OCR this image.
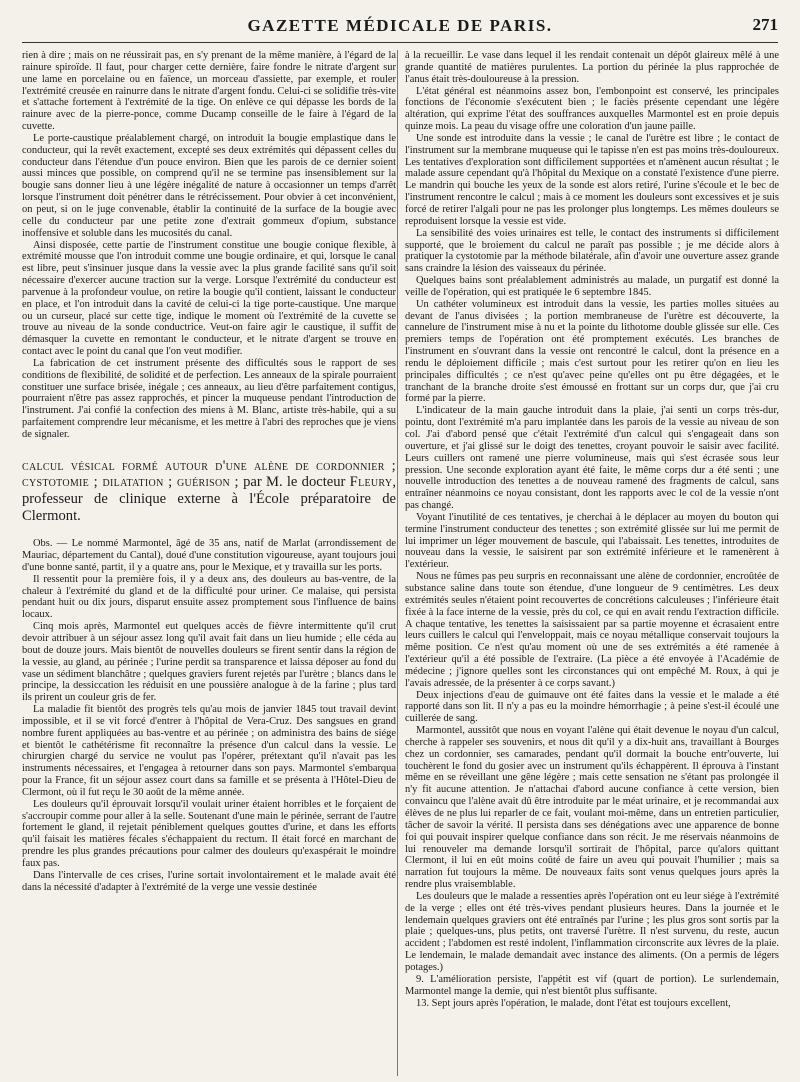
GAZETTE MÉDICALE DE PARIS.	271

rien à dire ; mais on ne réussirait pas, en s'y prenant de la même manière, à l'égard de la rainure spiroïde. Il faut, pour charger cette dernière, faire fondre le nitrate d'argent sur une lame en porcelaine ou en faïence, un morceau d'assiette, par exemple, et rouler l'extrémité creusée en rainurre dans le nitrate d'argent fondu. Celui-ci se solidifie très-vite et s'attache fortement à l'extrémité de la tige. On enlève ce qui dépasse les bords de la rainure avec de la pierre-ponce, comme Ducamp conseille de le faire à l'égard de la cuvette.

Le porte-caustique préalablement chargé, on introduit la bougie emplastique dans le conducteur, qui la revêt exactement, excepté ses deux extrémités qui dépassent celles du conducteur dans l'étendue d'un pouce environ. Bien que les parois de ce dernier soient aussi minces que possible, on comprend qu'il ne se termine pas insensiblement sur la bougie sans donner lieu à une légère inégalité de nature à occasionner un temps d'arrêt lorsque l'instrument doit pénétrer dans le rétrécissement. Pour obvier à cet inconvénient, on peut, si on le juge convenable, établir la continuité de la surface de la bougie avec celle du conducteur par une petite zone d'extrait gommeux d'opium, substance inoffensive et soluble dans les mucosités du canal.

Ainsi disposée, cette partie de l'instrument constitue une bougie conique flexible, à extrémité mousse que l'on introduit comme une bougie ordinaire, et qui, lorsque le canal est libre, peut s'insinuer jusque dans la vessie avec la plus grande facilité sans qu'il soit nécessaire d'exercer aucune traction sur la verge. Lorsque l'extrémité du conducteur est parvenue à la profondeur voulue, on retire la bougie qu'il contient, laissant le conducteur en place, et l'on introduit dans la cavité de celui-ci la tige porte-caustique. Une marque ou un curseur, placé sur cette tige, indique le moment où l'extrémité de la cuvette se trouve au niveau de la sonde conductrice. Veut-on faire agir le caustique, il suffit de démasquer la cuvette en remontant le conducteur, et le nitrate d'argent se trouve en contact avec le point du canal que l'on veut modifier.

La fabrication de cet instrument présente des difficultés sous le rapport de ses conditions de flexibilité, de solidité et de perfection. Les anneaux de la spirale pourraient constituer une surface brisée, inégale ; ces anneaux, au lieu d'être parfaitement contigus, pourraient n'être pas assez rapprochés, et pincer la muqueuse pendant l'introduction de l'instrument. J'ai confié la confection des miens à M. Blanc, artiste très-habile, qui a su parfaitement comprendre leur mécanisme, et les mettre à l'abri des reproches que je viens de signaler.

calcul vésical formé autour d'une alène de cordonnier ; cystotomie ; dilatation ; guérison ; par M. le docteur Fleury, professeur de clinique externe à l'École préparatoire de Clermont.

Obs. — Le nommé Marmontel, âgé de 35 ans, natif de Marlat (arrondissement de Mauriac, département du Cantal), doué d'une constitution vigoureuse, ayant toujours joui d'une bonne santé, partit, il y a quatre ans, pour le Mexique, et y travailla sur les ports.

Il ressentit pour la première fois, il y a deux ans, des douleurs au bas-ventre, de la chaleur à l'extrémité du gland et de la difficulté pour uriner. Ce malaise, qui persista pendant huit ou dix jours, disparut ensuite assez promptement sous l'influence de bains locaux.

Cinq mois après, Marmontel eut quelques accès de fièvre intermittente qu'il crut devoir attribuer à un séjour assez long qu'il avait fait dans un lieu humide ; elle céda au bout de douze jours. Mais bientôt de nouvelles douleurs se firent sentir dans la région de la vessie, au gland, au périnée ; l'urine perdit sa transparence et laissa déposer au fond du vase un sédiment blanchâtre ; quelques graviers furent rejetés par l'urètre ; blancs dans le principe, la dessiccation les réduisit en une poussière analogue à de la farine ; plus tard ils prirent un couleur gris de fer.

La maladie fit bientôt des progrès tels qu'au mois de janvier 1845 tout travail devint impossible, et il se vit forcé d'entrer à l'hôpital de Vera-Cruz. Des sangsues en grand nombre furent appliquées au bas-ventre et au périnée ; on administra des bains de siége et bientôt le cathétérisme fit reconnaître la présence d'un calcul dans la vessie. Le chirurgien chargé du service ne voulut pas l'opérer, prétextant qu'il n'avait pas les instruments nécessaires, et l'engagea à retourner dans son pays. Marmontel s'embarqua pour la France, fit un séjour assez court dans sa famille et se présenta à l'Hôtel-Dieu de Clermont, où il fut reçu le 30 août de la même année.

Les douleurs qu'il éprouvait lorsqu'il voulait uriner étaient horribles et le forçaient de s'accroupir comme pour aller à la selle. Soutenant d'une main le périnée, serrant de l'autre fortement le gland, il rejetait péniblement quelques gouttes d'urine, et dans les efforts qu'il faisait les matières fécales s'échappaient du rectum. Il était forcé en marchant de prendre les plus grandes précautions pour calmer des douleurs qu'exaspérait le moindre faux pas.

Dans l'intervalle de ces crises, l'urine sortait involontairement et le malade avait été dans la nécessité d'adapter à l'extrémité de la verge une vessie destinée

à la recueillir. Le vase dans lequel il les rendait contenait un dépôt glaireux mêlé à une grande quantité de matières purulentes. La portion du périnée la plus rapprochée de l'anus était très-douloureuse à la pression.

L'état général est néanmoins assez bon, l'embonpoint est conservé, les principales fonctions de l'économie s'exécutent bien ; le faciès présente cependant une légère altération, qui exprime l'état des souffrances auxquelles Marmontel est en proie depuis quinze mois. La peau du visage offre une coloration d'un jaune paille.

Une sonde est introduite dans la vessie ; le canal de l'urètre est libre ; le contact de l'instrument sur la membrane muqueuse qui le tapisse n'en est pas moins très-douloureux. Les tentatives d'exploration sont difficilement supportées et n'amènent aucun résultat ; le malade assure cependant qu'à l'hôpital du Mexique on a constaté l'existence d'une pierre. Le mandrin qui bouche les yeux de la sonde est alors retiré, l'urine s'écoule et le bec de l'instrument rencontre le calcul ; mais à ce moment les douleurs sont excessives et je suis forcé de retirer l'algali pour ne pas les prolonger plus longtemps. Les mêmes douleurs se reproduisent lorsque la vessie est vide.

La sensibilité des voies urinaires est telle, le contact des instruments si difficilement supporté, que le broiement du calcul ne paraît pas possible ; je me décide alors à pratiquer la cystotomie par la méthode bilatérale, afin d'avoir une ouverture assez grande sans craindre la lésion des vaisseaux du périnée.

Quelques bains sont préalablement administrés au malade, un purgatif est donné la veille de l'opération, qui est pratiquée le 6 septembre 1845.

Un cathéter volumineux est introduit dans la vessie, les parties molles situées au devant de l'anus divisées ; la portion membraneuse de l'urètre est découverte, la cannelure de l'instrument mise à nu et la pointe du lithotome double glissée sur elle. Ces premiers temps de l'opération ont été promptement exécutés. Les branches de l'instrument en s'ouvrant dans la vessie ont rencontré le calcul, dont la présence en a rendu le déploiement difficile ; mais c'est surtout pour les retirer qu'on en lieu les principales difficultés ; ce n'est qu'avec peine qu'elles ont pu être dégagées, et le tranchant de la branche droite s'est émoussé en frottant sur un corps dur, que j'ai cru formé par la pierre.

L'indicateur de la main gauche introduit dans la plaie, j'ai senti un corps très-dur, pointu, dont l'extrémité m'a paru implantée dans les parois de la vessie au niveau de son col. J'ai d'abord pensé que c'était l'extrémité d'un calcul qui s'engageait dans son ouverture, et j'ai glissé sur le doigt des tenettes, croyant pouvoir le saisir avec facilité. Leurs cuillers ont ramené une pierre volumineuse, mais qui s'est écrasée sous leur pression. Une seconde exploration ayant été faite, le même corps dur a été senti ; une nouvelle introduction des tenettes a de nouveau ramené des fragments de calcul, sans entraîner néanmoins ce noyau consistant, dont les rapports avec le col de la vessie n'ont pas changé.

Voyant l'inutilité de ces tentatives, je cherchai à le déplacer au moyen du bouton qui termine l'instrument conducteur des tenettes ; son extrémité glissée sur lui me permit de lui imprimer un léger mouvement de bascule, qui l'abaissait. Les tenettes, introduites de nouveau dans la vessie, le saisirent par son extrémité inférieure et le ramenèrent à l'extérieur.

Nous ne fûmes pas peu surpris en reconnaissant une alène de cordonnier, encroûtée de substance saline dans toute son étendue, d'une longueur de 9 centimètres. Les deux extrémités seules n'étaient point recouvertes de concrétions calculeuses ; l'inférieure était fixée à la face interne de la vessie, près du col, ce qui en avait rendu l'extraction difficile. A chaque tentative, les tenettes la saisissaient par sa partie moyenne et écrasaient entre leurs cuillers le calcul qui l'enveloppait, mais ce noyau métallique conservait toujours la même position. Ce n'est qu'au moment où une de ses extrémités a été ramenée à l'extérieur qu'il a été possible de l'extraire. (La pièce a été envoyée à l'Académie de médecine ; j'ignore quelles sont les circonstances qui ont empêché M. Roux, à qui je l'avais adressée, de la présenter à ce corps savant.)

Deux injections d'eau de guimauve ont été faites dans la vessie et le malade a été rapporté dans son lit. Il n'y a pas eu la moindre hémorrhagie ; à peine s'est-il écoulé une cuillerée de sang.

Marmontel, aussitôt que nous en voyant l'alène qui était devenue le noyau d'un calcul, cherche à rappeler ses souvenirs, et nous dit qu'il y a dix-huit ans, travaillant à Bourges chez un cordonnier, ses camarades, pendant qu'il dormait la bouche entr'ouverte, lui touchèrent le fond du gosier avec un instrument qu'ils échappèrent. Il éprouva à l'instant même en se réveillant une gêne légère ; mais cette sensation ne s'étant pas prolongée il n'y fit aucune attention. Je n'attachai d'abord aucune confiance à cette version, bien convaincu que l'alène avait dû être introduite par le méat urinaire, et je recommandai aux élèves de ne plus lui reparler de ce fait, voulant moi-même, dans un entretien particulier, tâcher de savoir la vérité. Il persista dans ses dénégations avec une apparence de bonne foi qui pouvait inspirer quelque confiance dans son récit. Je me réservais néanmoins de lui renouveler ma demande lorsqu'il sortirait de l'hôpital, parce qu'alors quittant Clermont, il lui en eût moins coûté de faire un aveu qui pouvait l'humilier ; mais sa narration fut toujours la même. De nouveaux faits sont venus quelques jours après la rendre plus vraisemblable.

Les douleurs que le malade a ressenties après l'opération ont eu leur siége à l'extrémité de la verge ; elles ont été très-vives pendant plusieurs heures. Dans la journée et le lendemain quelques graviers ont été entraînés par l'urine ; les plus gros sont sortis par la plaie ; quelques-uns, plus petits, ont traversé l'urètre. Il n'est survenu, du reste, aucun accident ; l'abdomen est resté indolent, l'inflammation circonscrite aux lèvres de la plaie. Le lendemain, le malade demandait avec instance des aliments. (On a permis de légers potages.)

9. L'amélioration persiste, l'appétit est vif (quart de portion). Le surlendemain, Marmontel mange la demie, qui n'est bientôt plus suffisante.

13. Sept jours après l'opération, le malade, dont l'état est toujours excellent,
